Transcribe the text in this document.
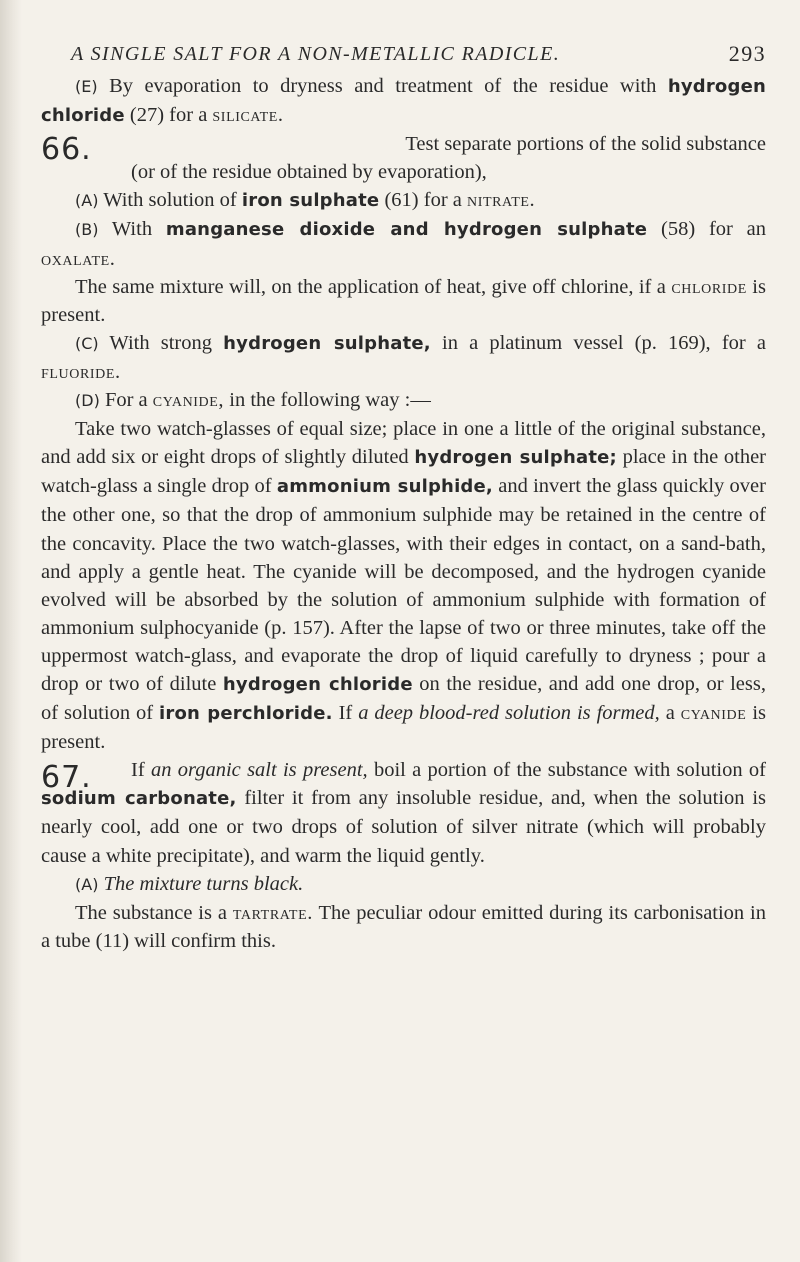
A SINGLE SALT FOR A NON-METALLIC RADICLE.	293

(E) By evaporation to dryness and treatment of the residue with hydrogen chloride (27) for a silicate.

66.	Test separate portions of the solid substance

(or of the residue obtained by evaporation),

(A) With solution of iron sulphate (61) for a nitrate.

(B) With manganese dioxide and hydrogen sulphate (58) for an oxalate.

The same mixture will, on the application of heat, give off chlorine, if a chloride is present.

(C) With strong hydrogen sulphate, in a platinum vessel (p. 169), for a fluoride.

(D) For a cyanide, in the following way :—

Take two watch-glasses of equal size; place in one a little of the original substance, and add six or eight drops of slightly diluted hydrogen sulphate; place in the other watch-glass a single drop of ammonium sulphide, and invert the glass quickly over the other one, so that the drop of ammonium sulphide may be retained in the centre of the concavity. Place the two watch-glasses, with their edges in contact, on a sand-bath, and apply a gentle heat. The cyanide will be decomposed, and the hydrogen cyanide evolved will be absorbed by the solution of ammonium sulphide with formation of ammonium sulphocyanide (p. 157). After the lapse of two or three minutes, take off the uppermost watch-glass, and evaporate the drop of liquid carefully to dryness ; pour a drop or two of dilute hydrogen chloride on the residue, and add one drop, or less, of solution of iron perchloride. If a deep blood-red solution is formed, a cyanide is present.

67.	If an organic salt is present, boil a portion of the substance with solution of sodium carbonate, filter it from any insoluble residue, and, when the solution is nearly cool, add one or two drops of solution of silver nitrate (which will probably cause a white precipitate), and warm the liquid gently.

(A) The mixture turns black.

The substance is a tartrate. The peculiar odour emitted during its carbonisation in a tube (11) will confirm this.
